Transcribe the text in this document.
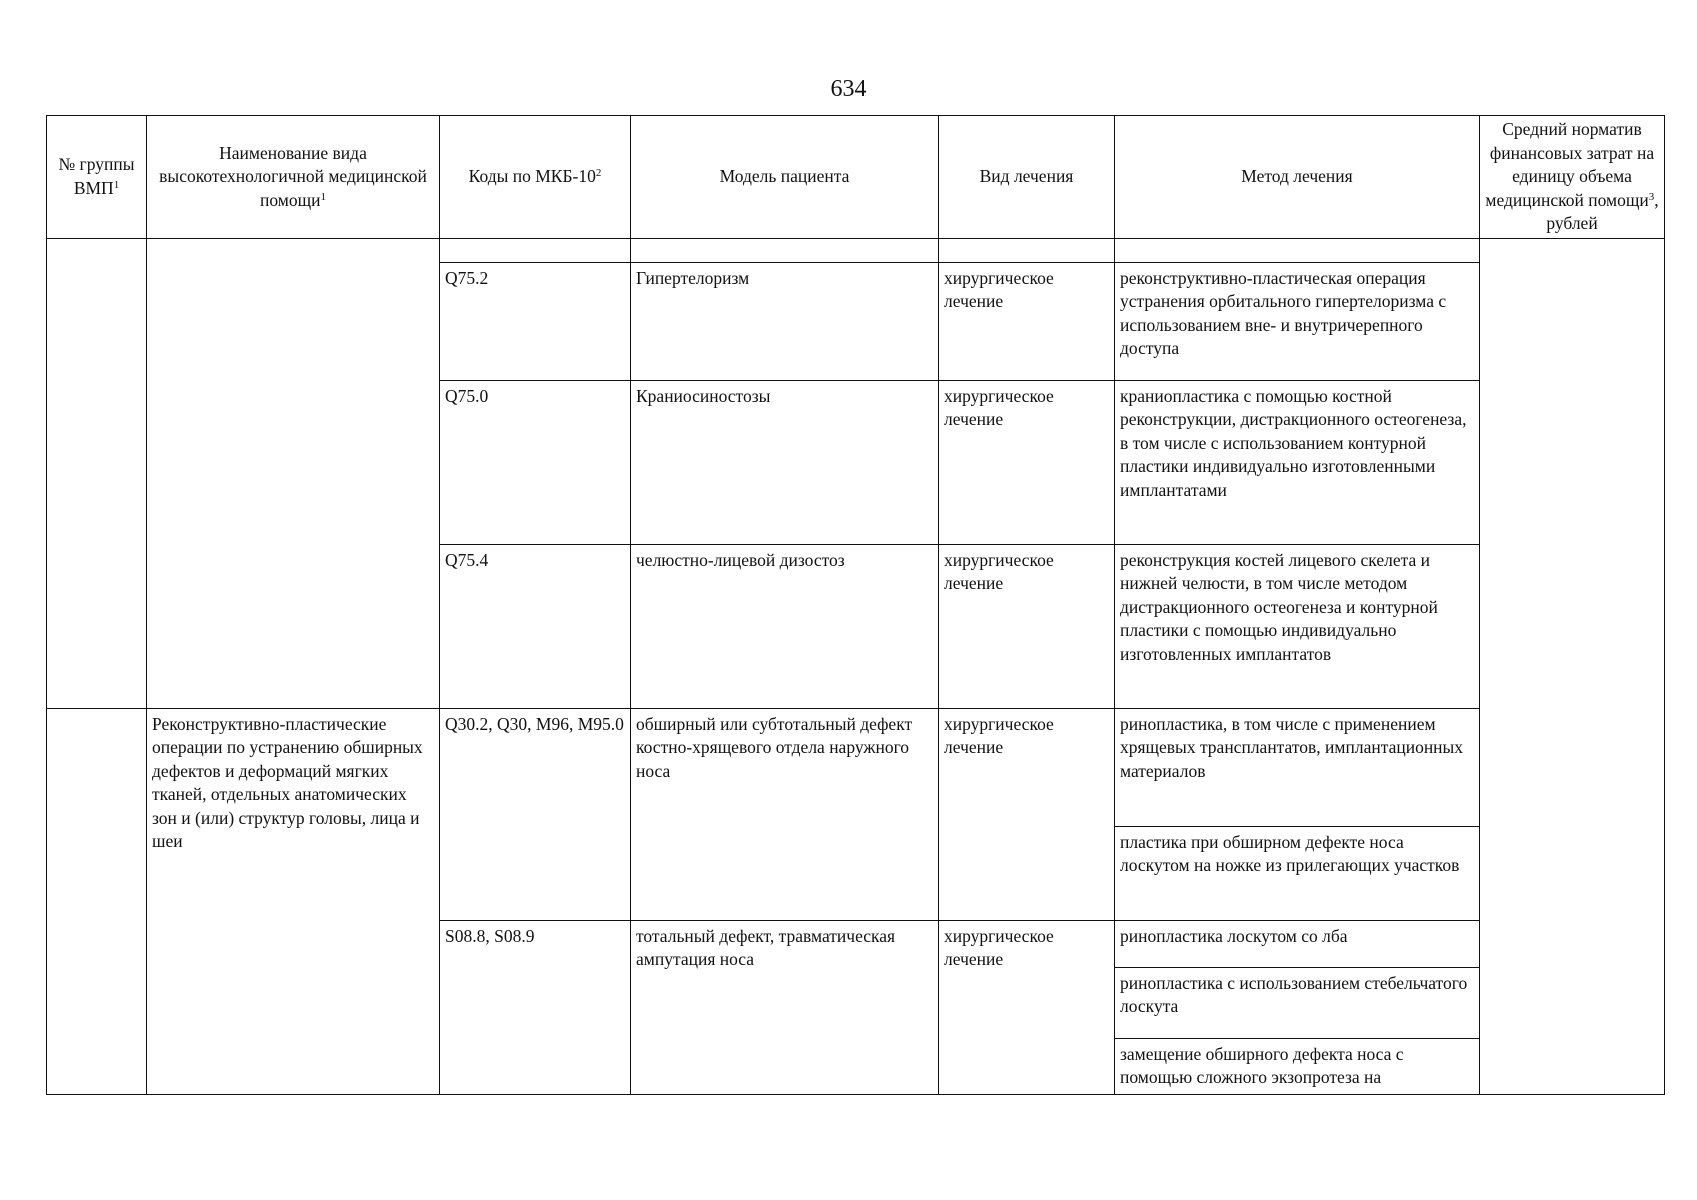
634
№ группы ВМП$^1$	Наименование вида высокотехнологичной медицинской помощи$^1$	Коды по МКБ-$10^2$	Модель пациента	Вид лечения	Метод лечения	Средний норматив финансовых затрат на единицу объема медицинской помощи$^3$, рублей

		Q75.2	Гипертелоризм	хирургическое лечение	реконструктивно-пластическая операция устранения орбитального гипертелоризма с использованием вне- и внутричерепного доступа	
		Q75.0	Краниосиностозы	хирургическое лечение	краниопластика с помощью костной реконструкции, дистракционного остеогенеза, в том числе с использованием контурной пластики индивидуально изготовленными имплантатами	
		Q75.4	челюстно-лицевой дизостоз	хирургическое лечение	реконструкция костей лицевого скелета и нижней челюсти, в том числе методом дистракционного остеогенеза и контурной пластики с помощью индивидуально изготовленных имплантатов	
	Реконструктивно-пластические операции по устранению обширных дефектов и деформаций мягких тканей, отдельных анатомических зон и (или) структур головы, лица и шеи	Q30.2, Q30, M96, M95.0	обширный или субтотальный дефект костно-хрящевого отдела наружного носа	хирургическое лечение	ринопластика, в том числе с применением хрящевых трансплантатов, имплантационных материалов	
					пластика при обширном дефекте носа лоскутом на ножке из прилегающих участков	
		S08.8, S08.9	тотальный дефект, травматическая ампутация носа	хирургическое лечение	ринопластика лоскутом со лба	
					ринопластика с использованием стебельчатого лоскута	
					замещение обширного дефекта носа с помощью сложного экзопротеза на	
